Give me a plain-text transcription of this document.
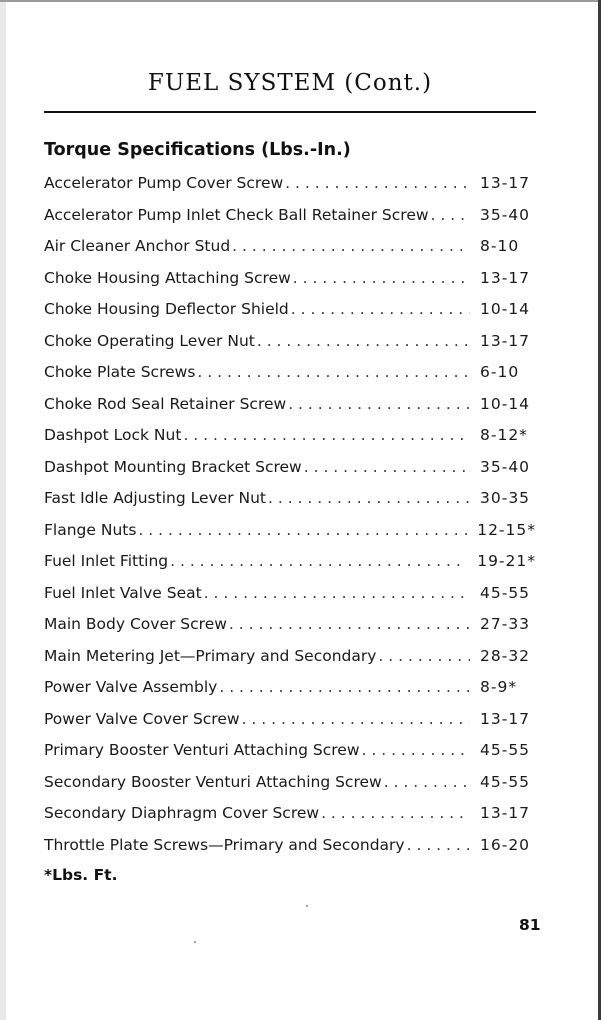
FUEL SYSTEM (Cont.)
Torque Specifications (Lbs.-In.)
Accelerator Pump Cover Screw . . .	13-17
Accelerator Pump Inlet Check Ball Retainer Screw . . .	35-40
Air Cleaner Anchor Stud . . .	8-10
Choke Housing Attaching Screw . . .	13-17
Choke Housing Deflector Shield . . .	10-14
Choke Operating Lever Nut . . .	13-17
Choke Plate Screws . . .	6-10
Choke Rod Seal Retainer Screw . . .	10-14
Dashpot Lock Nut . . .	8-12*
Dashpot Mounting Bracket Screw . . .	35-40
Fast Idle Adjusting Lever Nut . . .	30-35
Flange Nuts . . .	12-15*
Fuel Inlet Fitting . . .	19-21*
Fuel Inlet Valve Seat . . .	45-55
Main Body Cover Screw . . .	27-33
Main Metering Jet—Primary and Secondary . . .	28-32
Power Valve Assembly . . .	8-9*
Power Valve Cover Screw . . .	13-17
Primary Booster Venturi Attaching Screw . . .	45-55
Secondary Booster Venturi Attaching Screw . . .	45-55
Secondary Diaphragm Cover Screw . . .	13-17
Throttle Plate Screws—Primary and Secondary . . .	16-20
*Lbs. Ft.
81
